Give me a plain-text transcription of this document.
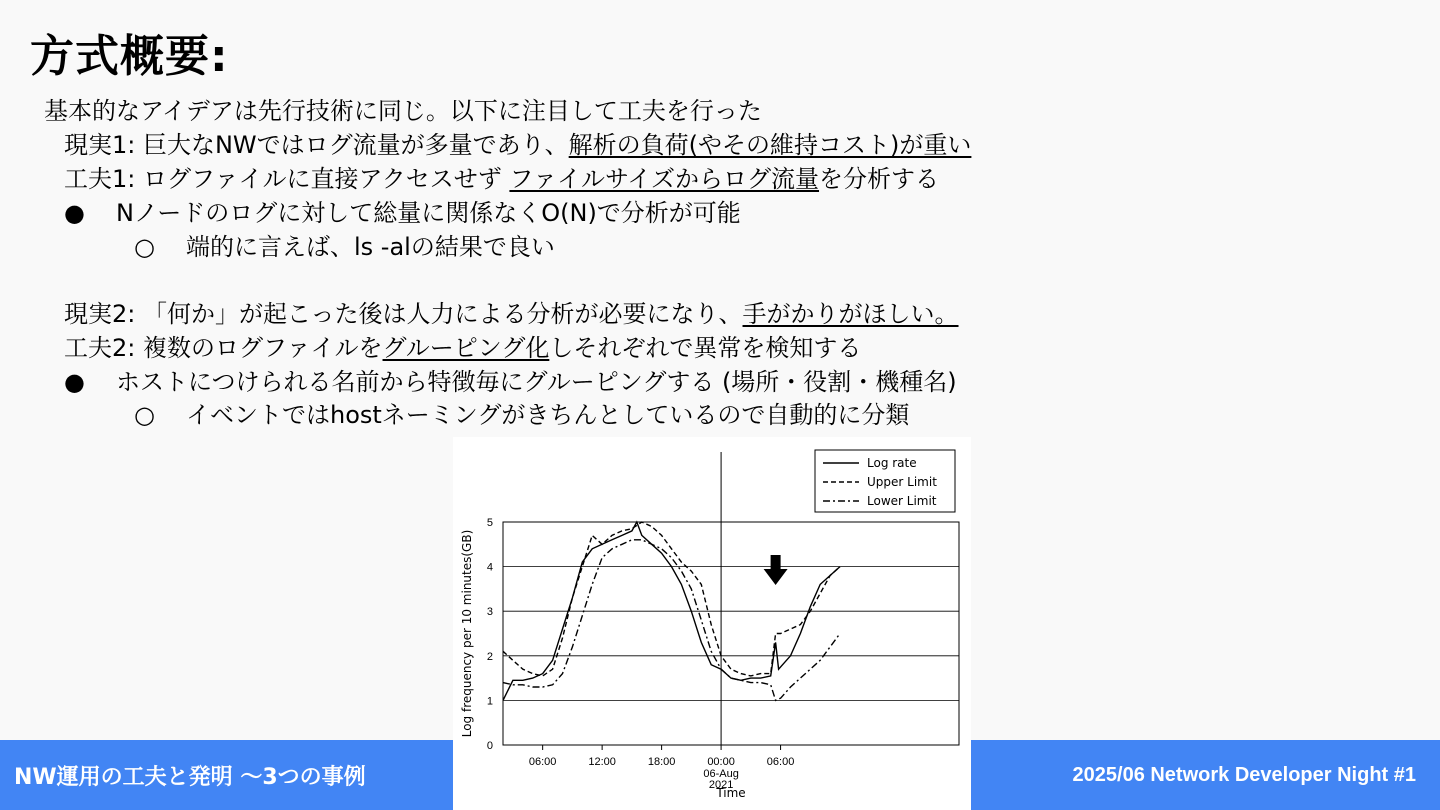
方式概要:
基本的なアイデアは先行技術に同じ。以下に注目して工夫を行った
現実1: 巨大なNWではログ流量が多量であり、解析の負荷(やその維持コスト)が重い
工夫1: ログファイルに直接アクセスせず ファイルサイズからログ流量を分析する
● Nノードのログに対して総量に関係なくO(N)で分析が可能
○ 端的に言えば、ls -alの結果で良い
現実2: 「何か」が起こった後は人力による分析が必要になり、手がかりがほしい。
工夫2: 複数のログファイルをグルーピング化しそれぞれで異常を検知する
● ホストにつけられる名前から特徴毎にグルーピングする (場所・役割・機種名)
○ イベントではhostネーミングがきちんとしているので自動的に分類
NW運用の工夫と発明 〜3つの事例	2025/06 Network Developer Night #1
0
1
2
3
4
5
06:00	12:00	18:00	00:00	06:00
06-Aug
2021
Time
Log frequency per 10 minutes(GB)
Log rate
Upper Limit
Lower Limit
